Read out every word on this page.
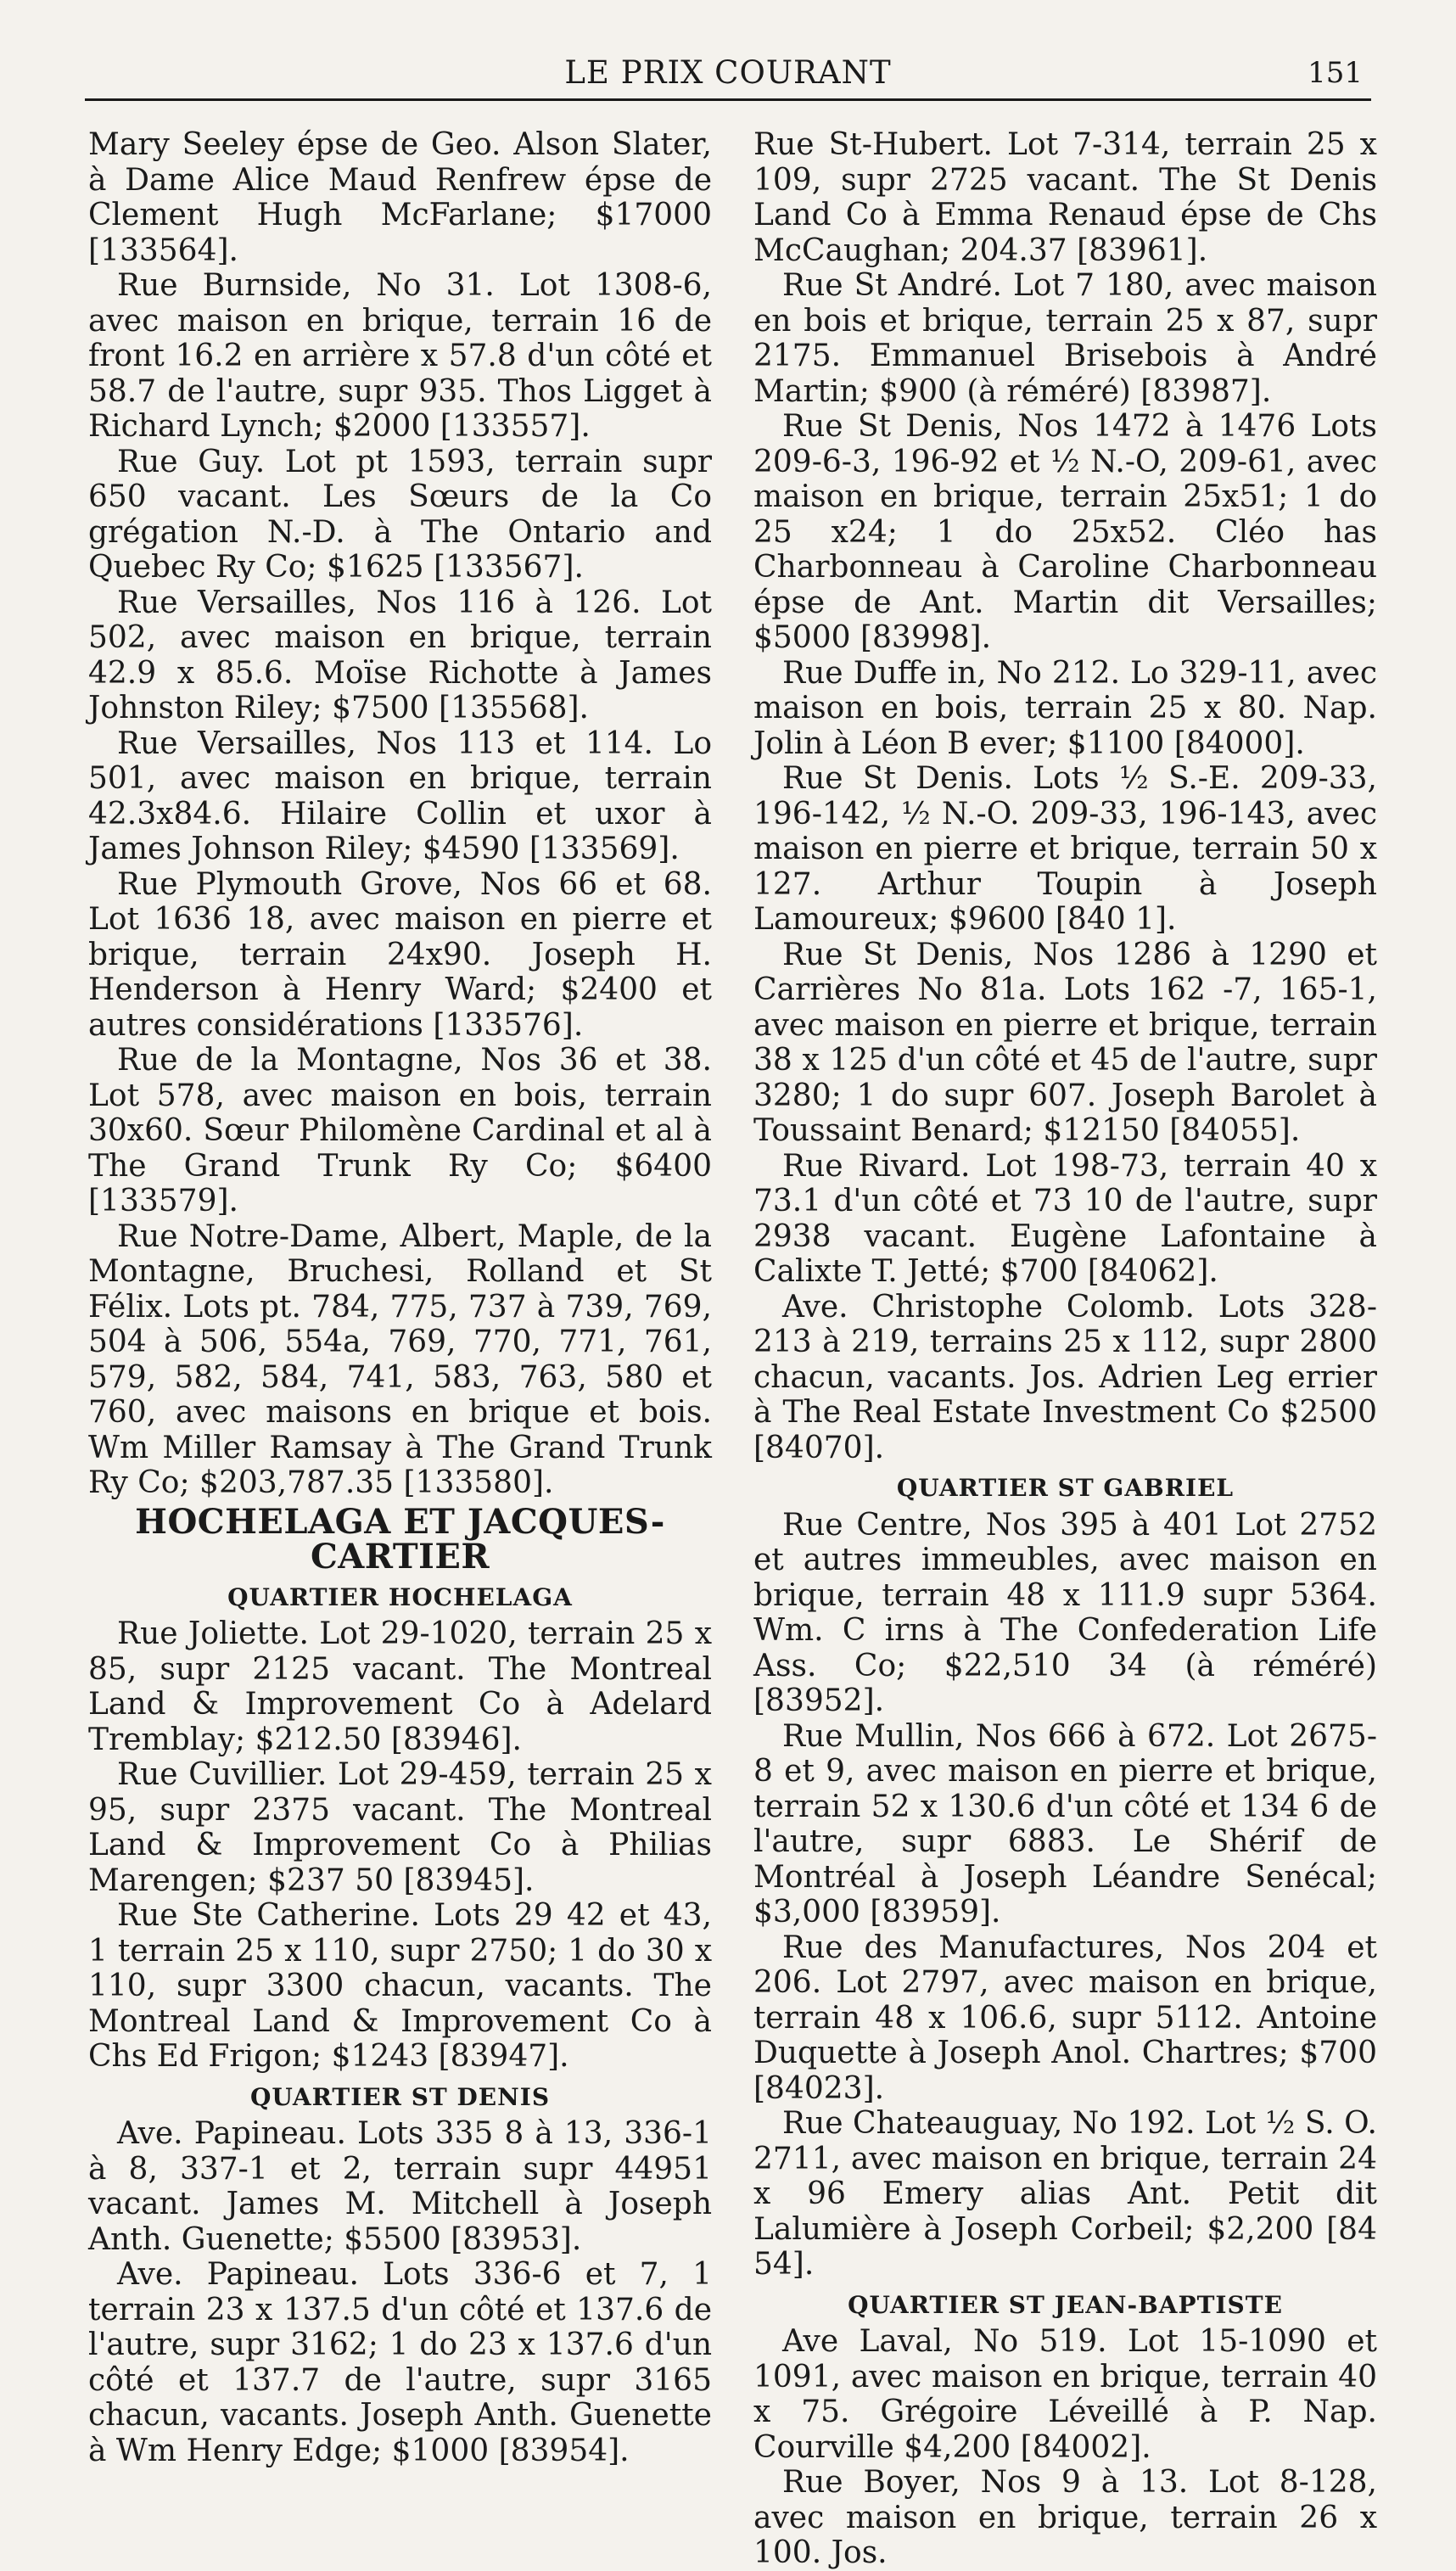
LE PRIX COURANT	151

Mary Seeley épse de Geo. Alson Slater, à Dame Alice Maud Renfrew épse de Clement Hugh McFarlane; $17000 [133564].

Rue Burnside, No 31. Lot 1308-6, avec maison en brique, terrain 16 de front 16.2 en arrière x 57.8 d'un côté et 58.7 de l'autre, supr 935. Thos Ligget à Richard Lynch; $2000 [133557].

Rue Guy. Lot pt 1593, terrain supr 650 vacant. Les Sœurs de la Co grégation N.-D. à The Ontario and Quebec Ry Co; $1625 [133567].

Rue Versailles, Nos 116 à 126. Lot 502, avec maison en brique, terrain 42.9 x 85.6. Moïse Richotte à James Johnston Riley; $7500 [135568].

Rue Versailles, Nos 113 et 114. Lo 501, avec maison en brique, terrain 42.3x84.6. Hilaire Collin et uxor à James Johnson Riley; $4590 [133569].

Rue Plymouth Grove, Nos 66 et 68. Lot 1636 18, avec maison en pierre et brique, terrain 24x90. Joseph H. Henderson à Henry Ward; $2400 et autres considérations [133576].

Rue de la Montagne, Nos 36 et 38. Lot 578, avec maison en bois, terrain 30x60. Sœur Philomène Cardinal et al à The Grand Trunk Ry Co; $6400 [133579].

Rue Notre-Dame, Albert, Maple, de la Montagne, Bruchesi, Rolland et St Félix. Lots pt. 784, 775, 737 à 739, 769, 504 à 506, 554a, 769, 770, 771, 761, 579, 582, 584, 741, 583, 763, 580 et 760, avec maisons en brique et bois. Wm Miller Ramsay à The Grand Trunk Ry Co; $203,787.35 [133580].

HOCHELAGA ET JACQUES-CARTIER
QUARTIER HOCHELAGA

Rue Joliette. Lot 29-1020, terrain 25 x 85, supr 2125 vacant. The Montreal Land & Improvement Co à Adelard Tremblay; $212.50 [83946].

Rue Cuvillier. Lot 29-459, terrain 25 x 95, supr 2375 vacant. The Montreal Land & Improvement Co à Philias Marengen; $237 50 [83945].

Rue Ste Catherine. Lots 29 42 et 43, 1 terrain 25 x 110, supr 2750; 1 do 30 x 110, supr 3300 chacun, vacants. The Montreal Land & Improvement Co à Chs Ed Frigon; $1243 [83947].

QUARTIER ST DENIS

Ave. Papineau. Lots 335 8 à 13, 336-1 à 8, 337-1 et 2, terrain supr 44951 vacant. James M. Mitchell à Joseph Anth. Guenette; $5500 [83953].

Ave. Papineau. Lots 336-6 et 7, 1 terrain 23 x 137.5 d'un côté et 137.6 de l'autre, supr 3162; 1 do 23 x 137.6 d'un côté et 137.7 de l'autre, supr 3165 chacun, vacants. Joseph Anth. Guenette à Wm Henry Edge; $1000 [83954].

Rue St-Hubert. Lot 7-314, terrain 25 x 109, supr 2725 vacant. The St Denis Land Co à Emma Renaud épse de Chs McCaughan; 204.37 [83961].

Rue St André. Lot 7 180, avec maison en bois et brique, terrain 25 x 87, supr 2175. Emmanuel Brisebois à André Martin; $900 (à réméré) [83987].

Rue St Denis, Nos 1472 à 1476 Lots 209-6-3, 196-92 et ½ N.-O, 209-61, avec maison en brique, terrain 25x51; 1 do 25 x24; 1 do 25x52. Cléo has Charbonneau à Caroline Charbonneau épse de Ant. Martin dit Versailles; $5000 [83998].

Rue Duffe in, No 212. Lo 329-11, avec maison en bois, terrain 25 x 80. Nap. Jolin à Léon B ever; $1100 [84000].

Rue St Denis. Lots ½ S.-E. 209-33, 196-142, ½ N.-O. 209-33, 196-143, avec maison en pierre et brique, terrain 50 x 127. Arthur Toupin à Joseph Lamoureux; $9600 [840 1].

Rue St Denis, Nos 1286 à 1290 et Carrières No 81a. Lots 162 -7, 165-1, avec maison en pierre et brique, terrain 38 x 125 d'un côté et 45 de l'autre, supr 3280; 1 do supr 607. Joseph Barolet à Toussaint Benard; $12150 [84055].

Rue Rivard. Lot 198-73, terrain 40 x 73.1 d'un côté et 73 10 de l'autre, supr 2938 vacant. Eugène Lafontaine à Calixte T. Jetté; $700 [84062].

Ave. Christophe Colomb. Lots 328-213 à 219, terrains 25 x 112, supr 2800 chacun, vacants. Jos. Adrien Leg errier à The Real Estate Investment Co $2500 [84070].

QUARTIER ST GABRIEL

Rue Centre, Nos 395 à 401 Lot 2752 et autres immeubles, avec maison en brique, terrain 48 x 111.9 supr 5364. Wm. C irns à The Confederation Life Ass. Co; $22,510 34 (à réméré) [83952].

Rue Mullin, Nos 666 à 672. Lot 2675-8 et 9, avec maison en pierre et brique, terrain 52 x 130.6 d'un côté et 134 6 de l'autre, supr 6883. Le Shérif de Montréal à Joseph Léandre Senécal; $3,000 [83959].

Rue des Manufactures, Nos 204 et 206. Lot 2797, avec maison en brique, terrain 48 x 106.6, supr 5112. Antoine Duquette à Joseph Anol. Chartres; $700 [84023].

Rue Chateauguay, No 192. Lot ½ S. O. 2711, avec maison en brique, terrain 24 x 96 Emery alias Ant. Petit dit Lalumière à Joseph Corbeil; $2,200 [84 54].

QUARTIER ST JEAN-BAPTISTE

Ave Laval, No 519. Lot 15-1090 et 1091, avec maison en brique, terrain 40 x 75. Grégoire Léveillé à P. Nap. Courville $4,200 [84002].

Rue Boyer, Nos 9 à 13. Lot 8-128, avec maison en brique, terrain 26 x 100. Jos.
